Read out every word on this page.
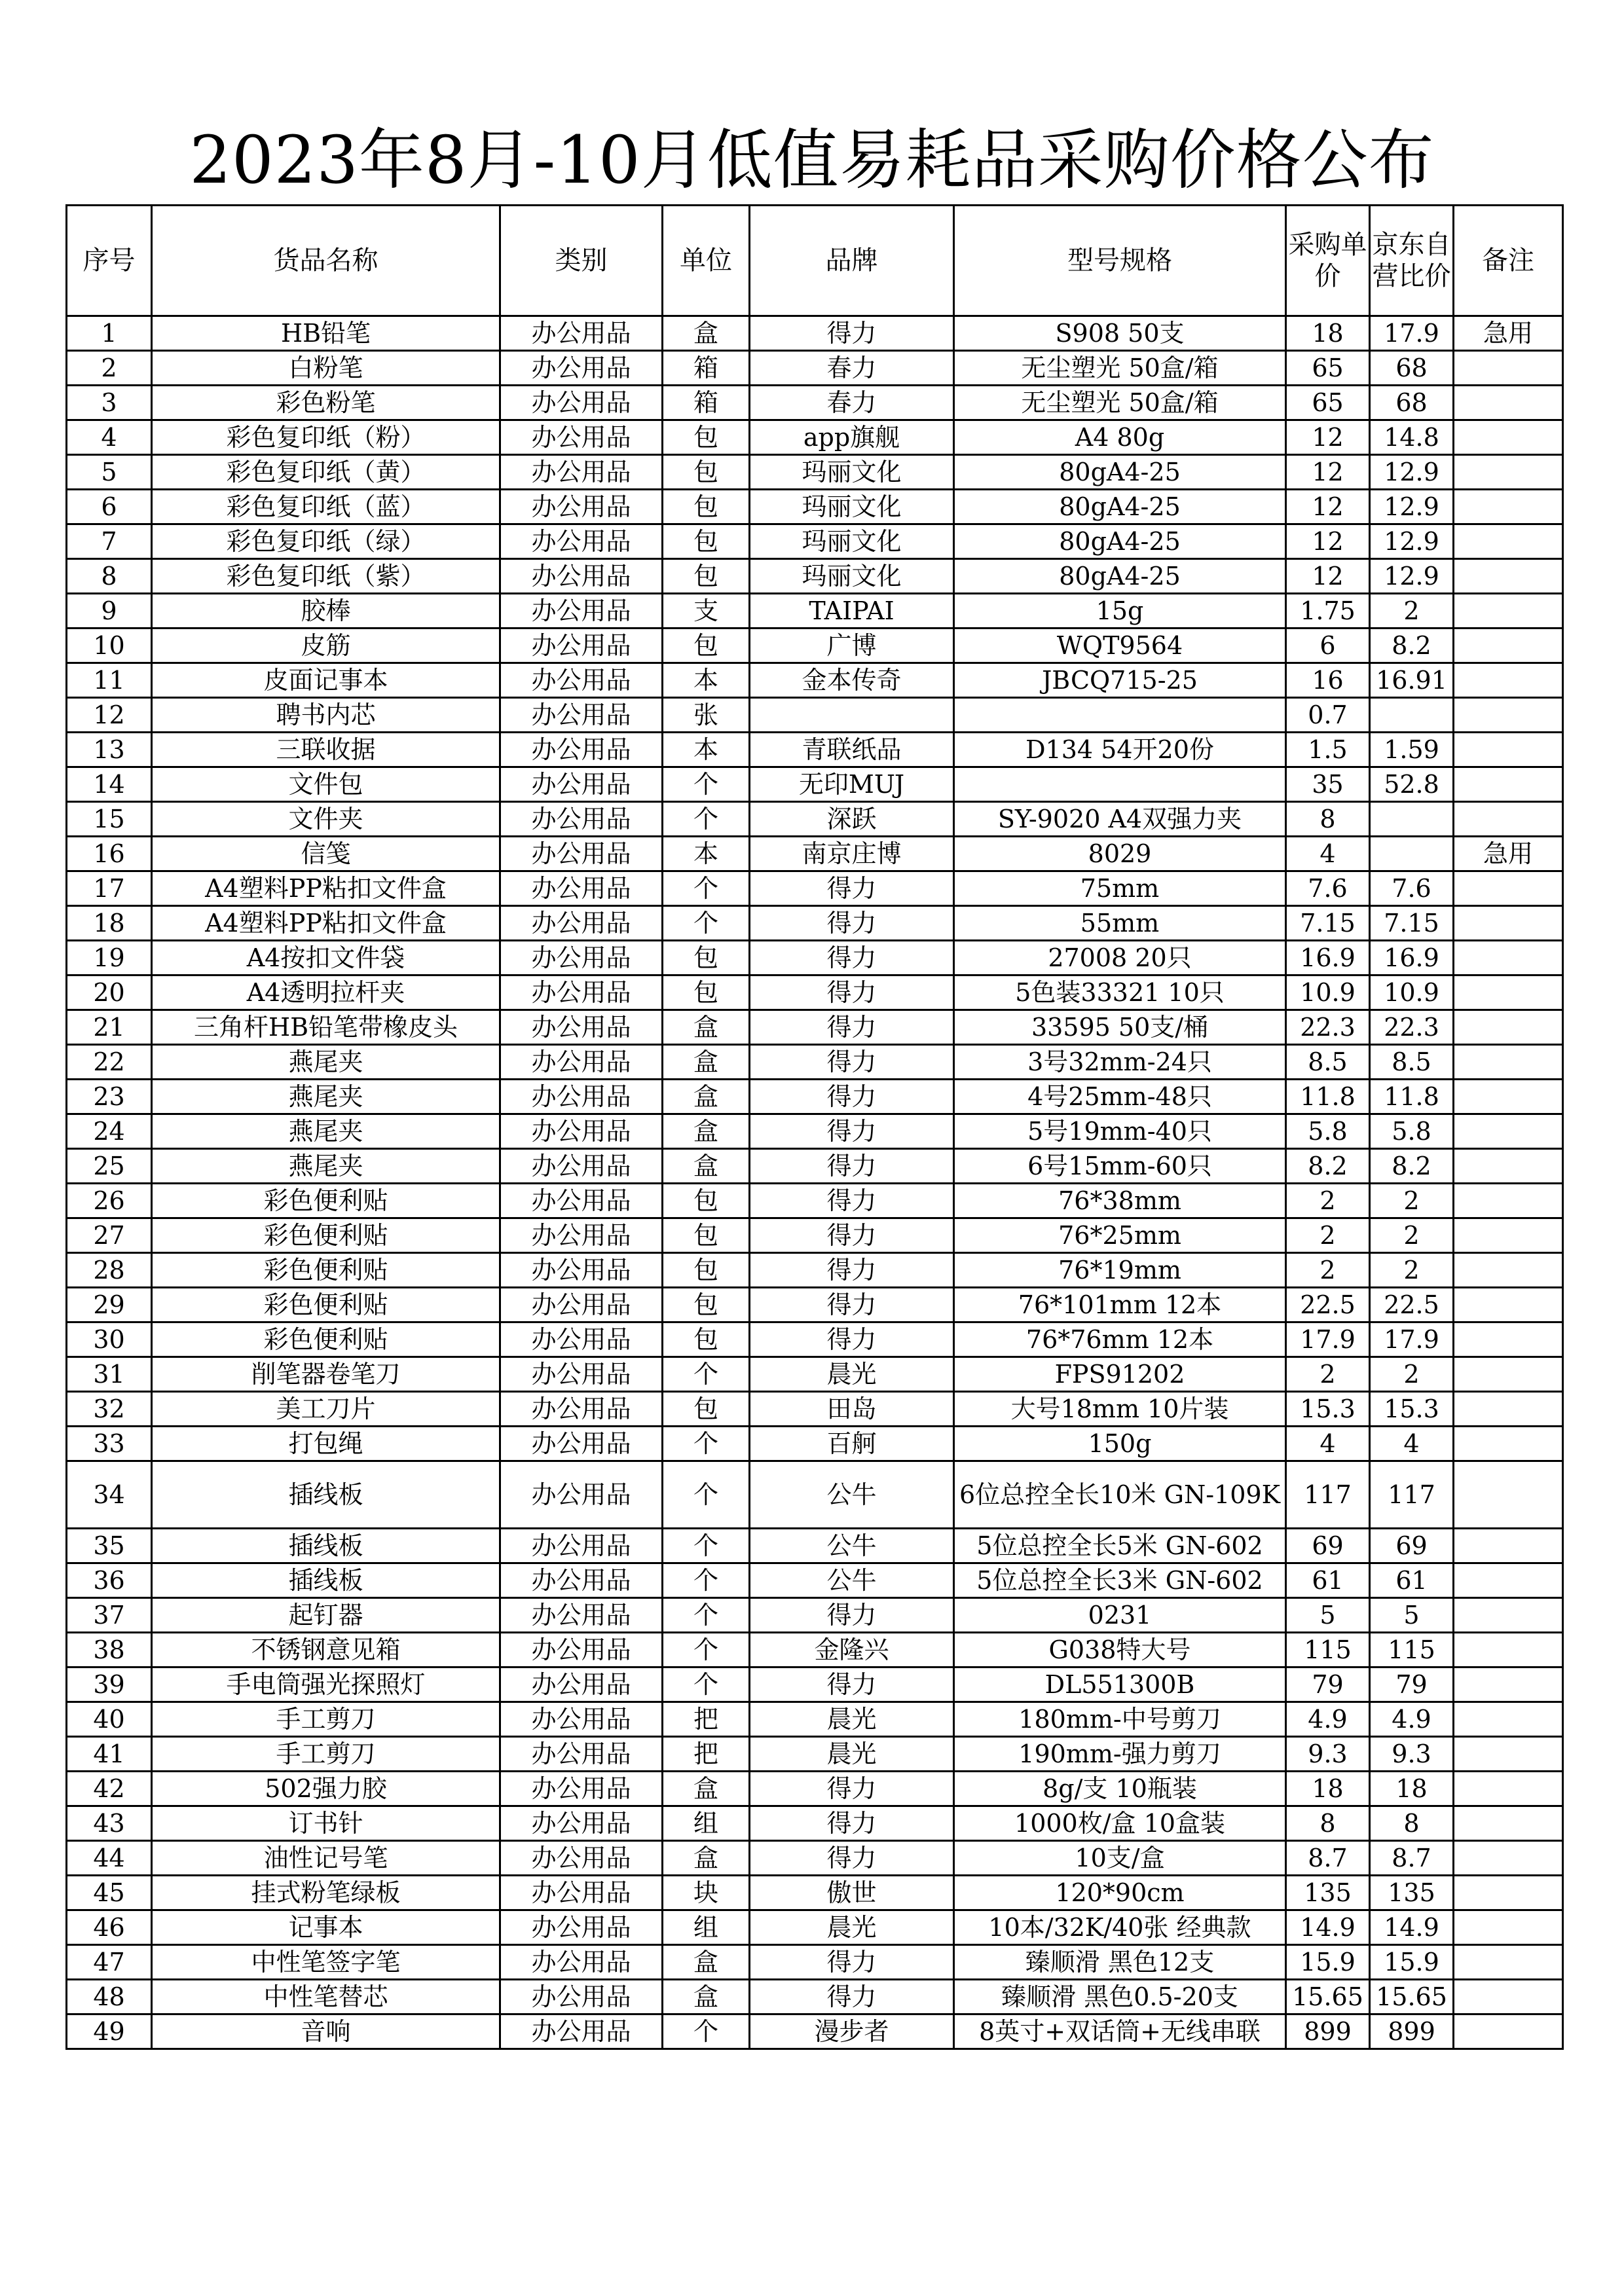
2023年8月-10月低值易耗品采购价格公布
序号	货品名称	类别	单位	品牌	型号规格	采购单价	京东自营比价	备注
1	HB铅笔	办公用品	盒	得力	S908 50支	18	17.9	急用
2	白粉笔	办公用品	箱	春力	无尘塑光 50盒/箱	65	68	
3	彩色粉笔	办公用品	箱	春力	无尘塑光 50盒/箱	65	68	
4	彩色复印纸（粉）	办公用品	包	app旗舰	A4 80g	12	14.8	
5	彩色复印纸（黄）	办公用品	包	玛丽文化	80gA4-25	12	12.9	
6	彩色复印纸（蓝）	办公用品	包	玛丽文化	80gA4-25	12	12.9	
7	彩色复印纸（绿）	办公用品	包	玛丽文化	80gA4-25	12	12.9	
8	彩色复印纸（紫）	办公用品	包	玛丽文化	80gA4-25	12	12.9	
9	胶棒	办公用品	支	TAIPAI	15g	1.75	2	
10	皮筋	办公用品	包	广博	WQT9564	6	8.2	
11	皮面记事本	办公用品	本	金本传奇	JBCQ715-25	16	16.91	
12	聘书内芯	办公用品	张			0.7		
13	三联收据	办公用品	本	青联纸品	D134 54开20份	1.5	1.59	
14	文件包	办公用品	个	无印MUJ		35	52.8	
15	文件夹	办公用品	个	深跃	SY-9020 A4双强力夹	8		
16	信笺	办公用品	本	南京庄博	8029	4		急用
17	A4塑料PP粘扣文件盒	办公用品	个	得力	75mm	7.6	7.6	
18	A4塑料PP粘扣文件盒	办公用品	个	得力	55mm	7.15	7.15	
19	A4按扣文件袋	办公用品	包	得力	27008 20只	16.9	16.9	
20	A4透明拉杆夹	办公用品	包	得力	5色装33321 10只	10.9	10.9	
21	三角杆HB铅笔带橡皮头	办公用品	盒	得力	33595 50支/桶	22.3	22.3	
22	燕尾夹	办公用品	盒	得力	3号32mm-24只	8.5	8.5	
23	燕尾夹	办公用品	盒	得力	4号25mm-48只	11.8	11.8	
24	燕尾夹	办公用品	盒	得力	5号19mm-40只	5.8	5.8	
25	燕尾夹	办公用品	盒	得力	6号15mm-60只	8.2	8.2	
26	彩色便利贴	办公用品	包	得力	76*38mm	2	2	
27	彩色便利贴	办公用品	包	得力	76*25mm	2	2	
28	彩色便利贴	办公用品	包	得力	76*19mm	2	2	
29	彩色便利贴	办公用品	包	得力	76*101mm 12本	22.5	22.5	
30	彩色便利贴	办公用品	包	得力	76*76mm 12本	17.9	17.9	
31	削笔器卷笔刀	办公用品	个	晨光	FPS91202	2	2	
32	美工刀片	办公用品	包	田岛	大号18mm 10片装	15.3	15.3	
33	打包绳	办公用品	个	百舸	150g	4	4	
34	插线板	办公用品	个	公牛	6位总控全长10米 GN-109K	117	117	
35	插线板	办公用品	个	公牛	5位总控全长5米 GN-602	69	69	
36	插线板	办公用品	个	公牛	5位总控全长3米 GN-602	61	61	
37	起钉器	办公用品	个	得力	0231	5	5	
38	不锈钢意见箱	办公用品	个	金隆兴	G038特大号	115	115	
39	手电筒强光探照灯	办公用品	个	得力	DL551300B	79	79	
40	手工剪刀	办公用品	把	晨光	180mm-中号剪刀	4.9	4.9	
41	手工剪刀	办公用品	把	晨光	190mm-强力剪刀	9.3	9.3	
42	502强力胶	办公用品	盒	得力	8g/支 10瓶装	18	18	
43	订书针	办公用品	组	得力	1000枚/盒 10盒装	8	8	
44	油性记号笔	办公用品	盒	得力	10支/盒	8.7	8.7	
45	挂式粉笔绿板	办公用品	块	傲世	120*90cm	135	135	
46	记事本	办公用品	组	晨光	10本/32K/40张 经典款	14.9	14.9	
47	中性笔签字笔	办公用品	盒	得力	臻顺滑 黑色12支	15.9	15.9	
48	中性笔替芯	办公用品	盒	得力	臻顺滑 黑色0.5-20支	15.65	15.65	
49	音响	办公用品	个	漫步者	8英寸+双话筒+无线串联	899	899	
